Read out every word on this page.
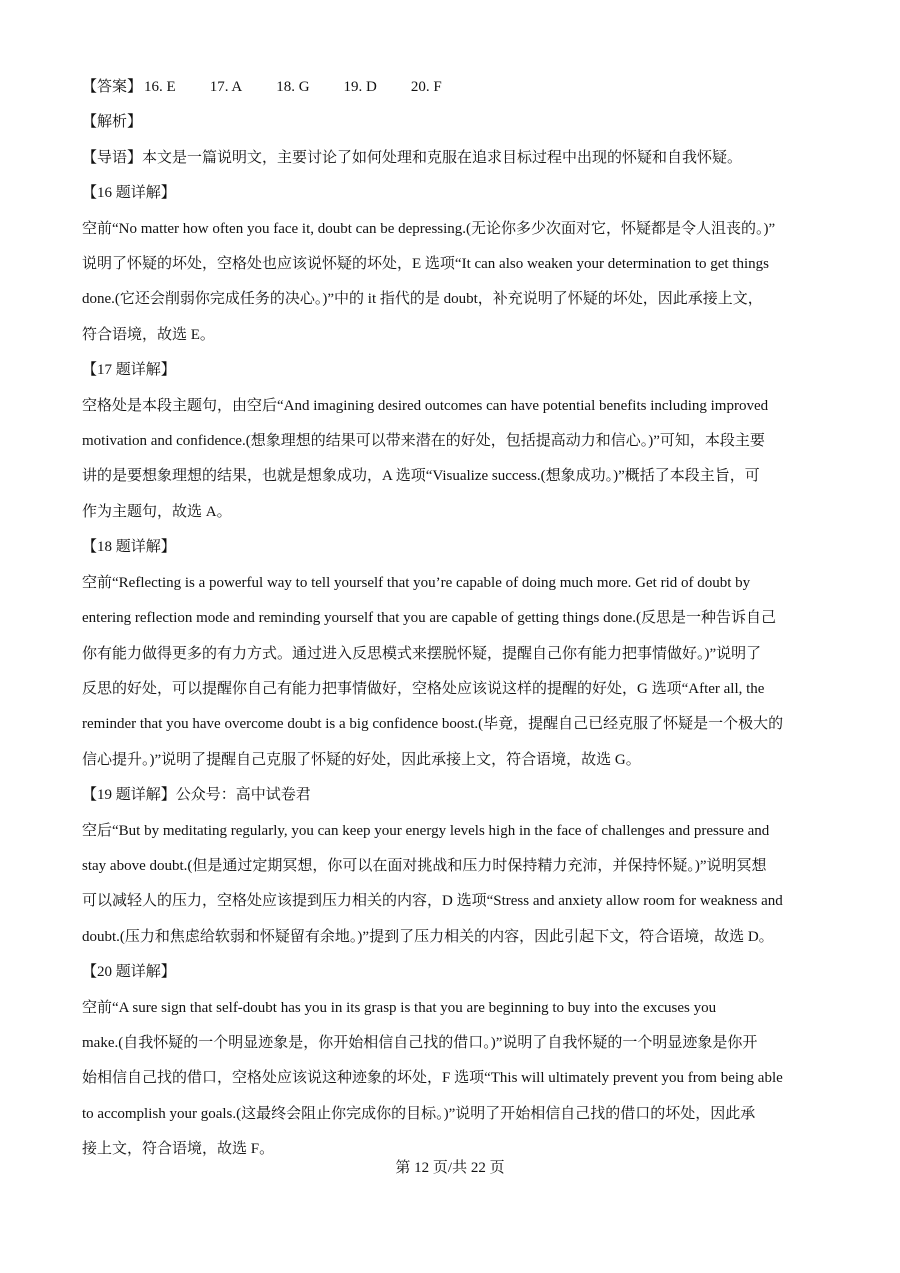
【答案】 16. E 17. A 18. G 19. D 20. F
【解析】
【导语】本文是一篇说明文，主要讨论了如何处理和克服在追求目标过程中出现的怀疑和自我怀疑。
【16 题详解】
空前“No matter how often you face it, doubt can be depressing.(无论你多少次面对它，怀疑都是令人沮丧的。)”
说明了怀疑的坏处，空格处也应该说怀疑的坏处，E 选项“It can also weaken your determination to get things
done.(它还会削弱你完成任务的决心。)”中的 it 指代的是 doubt，补充说明了怀疑的坏处，因此承接上文，
符合语境，故选 E。
【17 题详解】
空格处是本段主题句，由空后“And imagining desired outcomes can have potential benefits including improved
motivation and confidence.(想象理想的结果可以带来潜在的好处，包括提高动力和信心。)”可知，本段主要
讲的是要想象理想的结果，也就是想象成功，A 选项“Visualize success.(想象成功。)”概括了本段主旨，可
作为主题句，故选 A。
【18 题详解】
空前“Reflecting is a powerful way to tell yourself that you’re capable of doing much more. Get rid of doubt by
entering reflection mode and reminding yourself that you are capable of getting things done.(反思是一种告诉自己
你有能力做得更多的有力方式。通过进入反思模式来摆脱怀疑，提醒自己你有能力把事情做好。)”说明了
反思的好处，可以提醒你自己有能力把事情做好，空格处应该说这样的提醒的好处，G 选项“After all, the
reminder that you have overcome doubt is a big confidence boost.(毕竟，提醒自己已经克服了怀疑是一个极大的
信心提升。)”说明了提醒自己克服了怀疑的好处，因此承接上文，符合语境，故选 G。
【19 题详解】公众号：高中试卷君
空后“But by meditating regularly, you can keep your energy levels high in the face of challenges and pressure and
stay above doubt.(但是通过定期冥想，你可以在面对挑战和压力时保持精力充沛，并保持怀疑。)”说明冥想
可以减轻人的压力，空格处应该提到压力相关的内容，D 选项“Stress and anxiety allow room for weakness and
doubt.(压力和焦虑给软弱和怀疑留有余地。)”提到了压力相关的内容，因此引起下文，符合语境，故选 D。
【20 题详解】
空前“A sure sign that self-doubt has you in its grasp is that you are beginning to buy into the excuses you
make.(自我怀疑的一个明显迹象是，你开始相信自己找的借口。)”说明了自我怀疑的一个明显迹象是你开
始相信自己找的借口，空格处应该说这种迹象的坏处，F 选项“This will ultimately prevent you from being able
to accomplish your goals.(这最终会阻止你完成你的目标。)”说明了开始相信自己找的借口的坏处，因此承
接上文，符合语境，故选 F。
第 12 页/共 22 页
